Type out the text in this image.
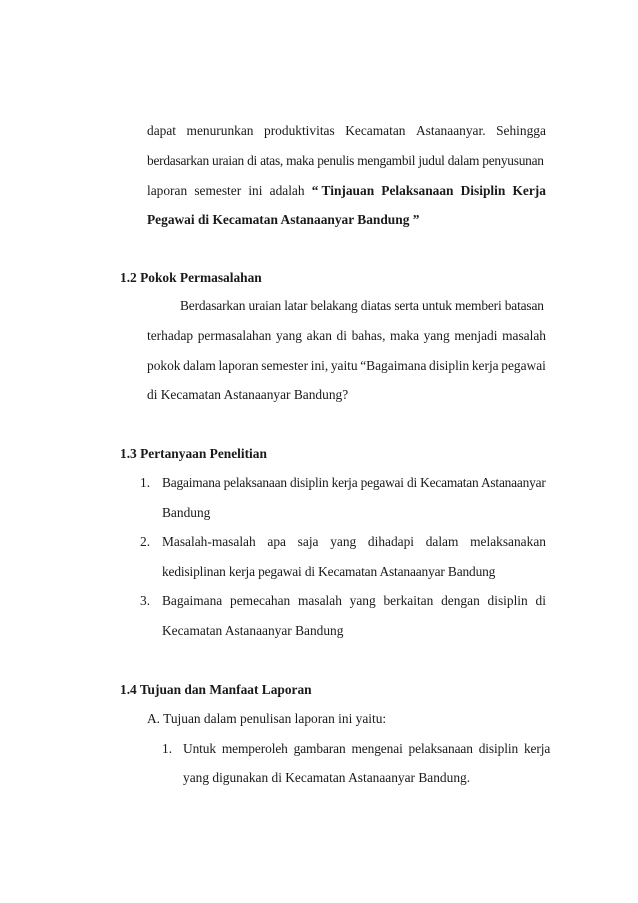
dapat menurunkan produktivitas Kecamatan Astanaanyar. Sehingga
berdasarkan uraian di atas, maka penulis mengambil judul dalam penyusunan
laporan semester ini adalah “ Tinjauan Pelaksanaan Disiplin Kerja
Pegawai di Kecamatan Astanaanyar Bandung ”
1.2 Pokok Permasalahan
Berdasarkan uraian latar belakang diatas serta untuk memberi batasan
terhadap permasalahan yang akan di bahas, maka yang menjadi masalah
pokok dalam laporan semester ini, yaitu “Bagaimana disiplin kerja pegawai
di Kecamatan Astanaanyar Bandung?
1.3 Pertanyaan Penelitian
1. Bagaimana pelaksanaan disiplin kerja pegawai di Kecamatan Astanaanyar
Bandung
2. Masalah-masalah apa saja yang dihadapi dalam melaksanakan
kedisiplinan kerja pegawai di Kecamatan Astanaanyar Bandung
3. Bagaimana pemecahan masalah yang berkaitan dengan disiplin di
Kecamatan Astanaanyar Bandung
1.4 Tujuan dan Manfaat Laporan
A. Tujuan dalam penulisan laporan ini yaitu:
1. Untuk memperoleh gambaran mengenai pelaksanaan disiplin kerja
yang digunakan di Kecamatan Astanaanyar Bandung.
